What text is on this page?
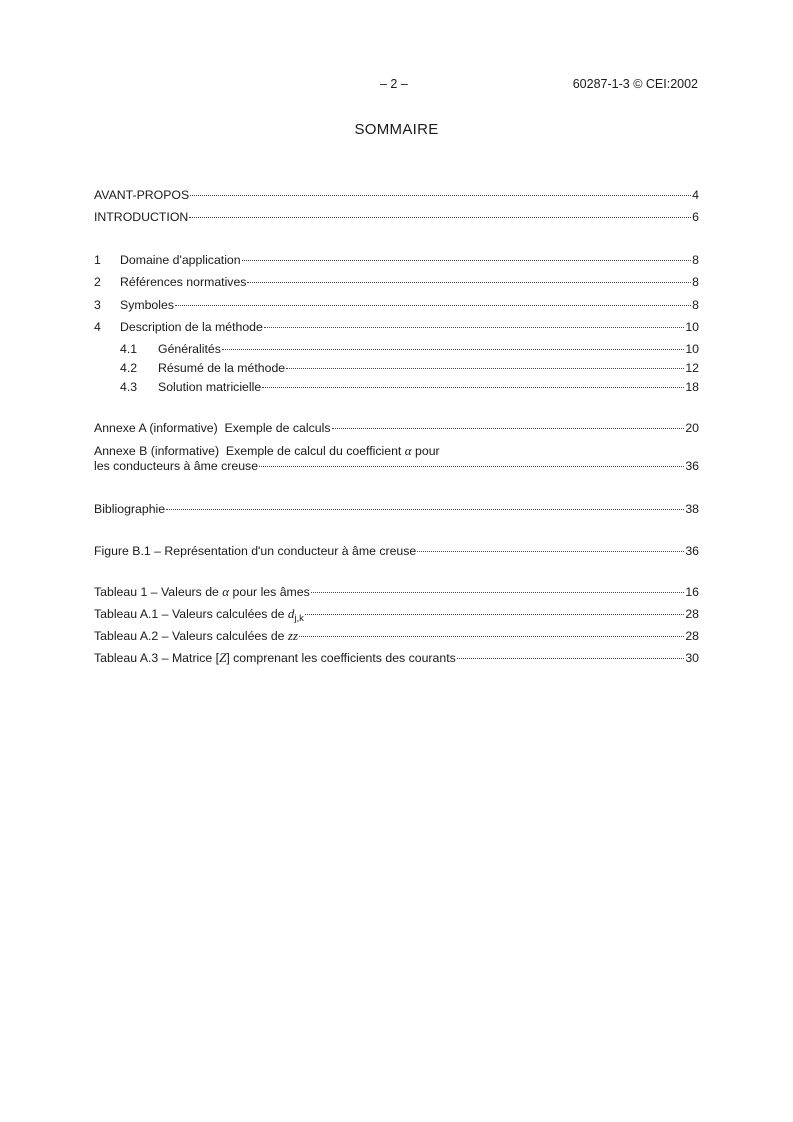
– 2 –	60287-1-3 © CEI:2002
SOMMAIRE
AVANT-PROPOS	4
INTRODUCTION	6
1	Domaine d'application	8
2	Références normatives	8
3	Symboles	8
4	Description de la méthode	10
4.1	Généralités	10
4.2	Résumé de la méthode	12
4.3	Solution matricielle	18
Annexe A (informative)  Exemple de calculs	20
Annexe B (informative)  Exemple de calcul du coefficient α pour
les conducteurs à âme creuse	36
Bibliographie	38
Figure B.1 – Représentation d'un conducteur à âme creuse	36
Tableau 1 – Valeurs de α pour les âmes	16
Tableau A.1 – Valeurs calculées de $d_{j,k}$	28
Tableau A.2 – Valeurs calculées de zz	28
Tableau A.3 – Matrice [Z] comprenant les coefficients des courants	30
